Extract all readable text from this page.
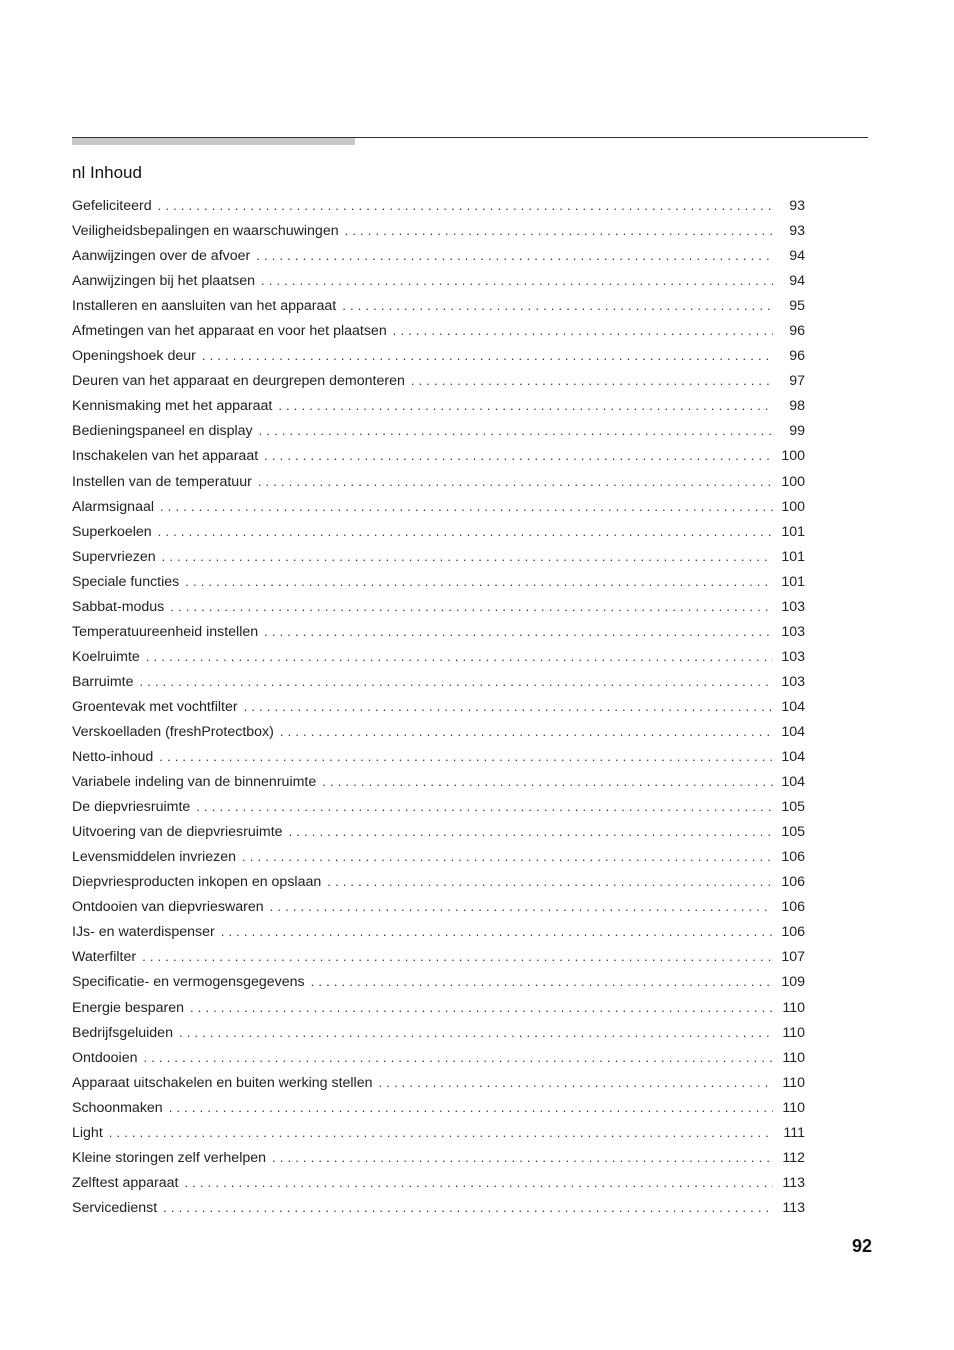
nl Inhoud
Gefeliciteerd . . .	93
Veiligheidsbepalingen en waarschuwingen . . .	93
Aanwijzingen over de afvoer . . .	94
Aanwijzingen bij het plaatsen . . .	94
Installeren en aansluiten van het apparaat . . .	95
Afmetingen van het apparaat en voor het plaatsen . . .	96
Openingshoek deur . . .	96
Deuren van het apparaat en deurgrepen demonteren . . .	97
Kennismaking met het apparaat . . .	98
Bedieningspaneel en display . . .	99
Inschakelen van het apparaat . . .	100
Instellen van de temperatuur . . .	100
Alarmsignaal . . .	100
Superkoelen . . .	101
Supervriezen . . .	101
Speciale functies . . .	101
Sabbat-modus . . .	103
Temperatuureenheid instellen . . .	103
Koelruimte . . .	103
Barruimte . . .	103
Groentevak met vochtfilter . . .	104
Verskoelladen (freshProtectbox) . . .	104
Netto-inhoud . . .	104
Variabele indeling van de binnenruimte . . .	104
De diepvriesruimte . . .	105
Uitvoering van de diepvriesruimte . . .	105
Levensmiddelen invriezen . . .	106
Diepvriesproducten inkopen en opslaan . . .	106
Ontdooien van diepvrieswaren . . .	106
IJs- en waterdispenser . . .	106
Waterfilter . . .	107
Specificatie- en vermogensgegevens . . .	109
Energie besparen . . .	110
Bedrijfsgeluiden . . .	110
Ontdooien . . .	110
Apparaat uitschakelen en buiten werking stellen . . .	110
Schoonmaken . . .	110
Light . . .	111
Kleine storingen zelf verhelpen . . .	112
Zelftest apparaat . . .	113
Servicedienst . . .	113
92
